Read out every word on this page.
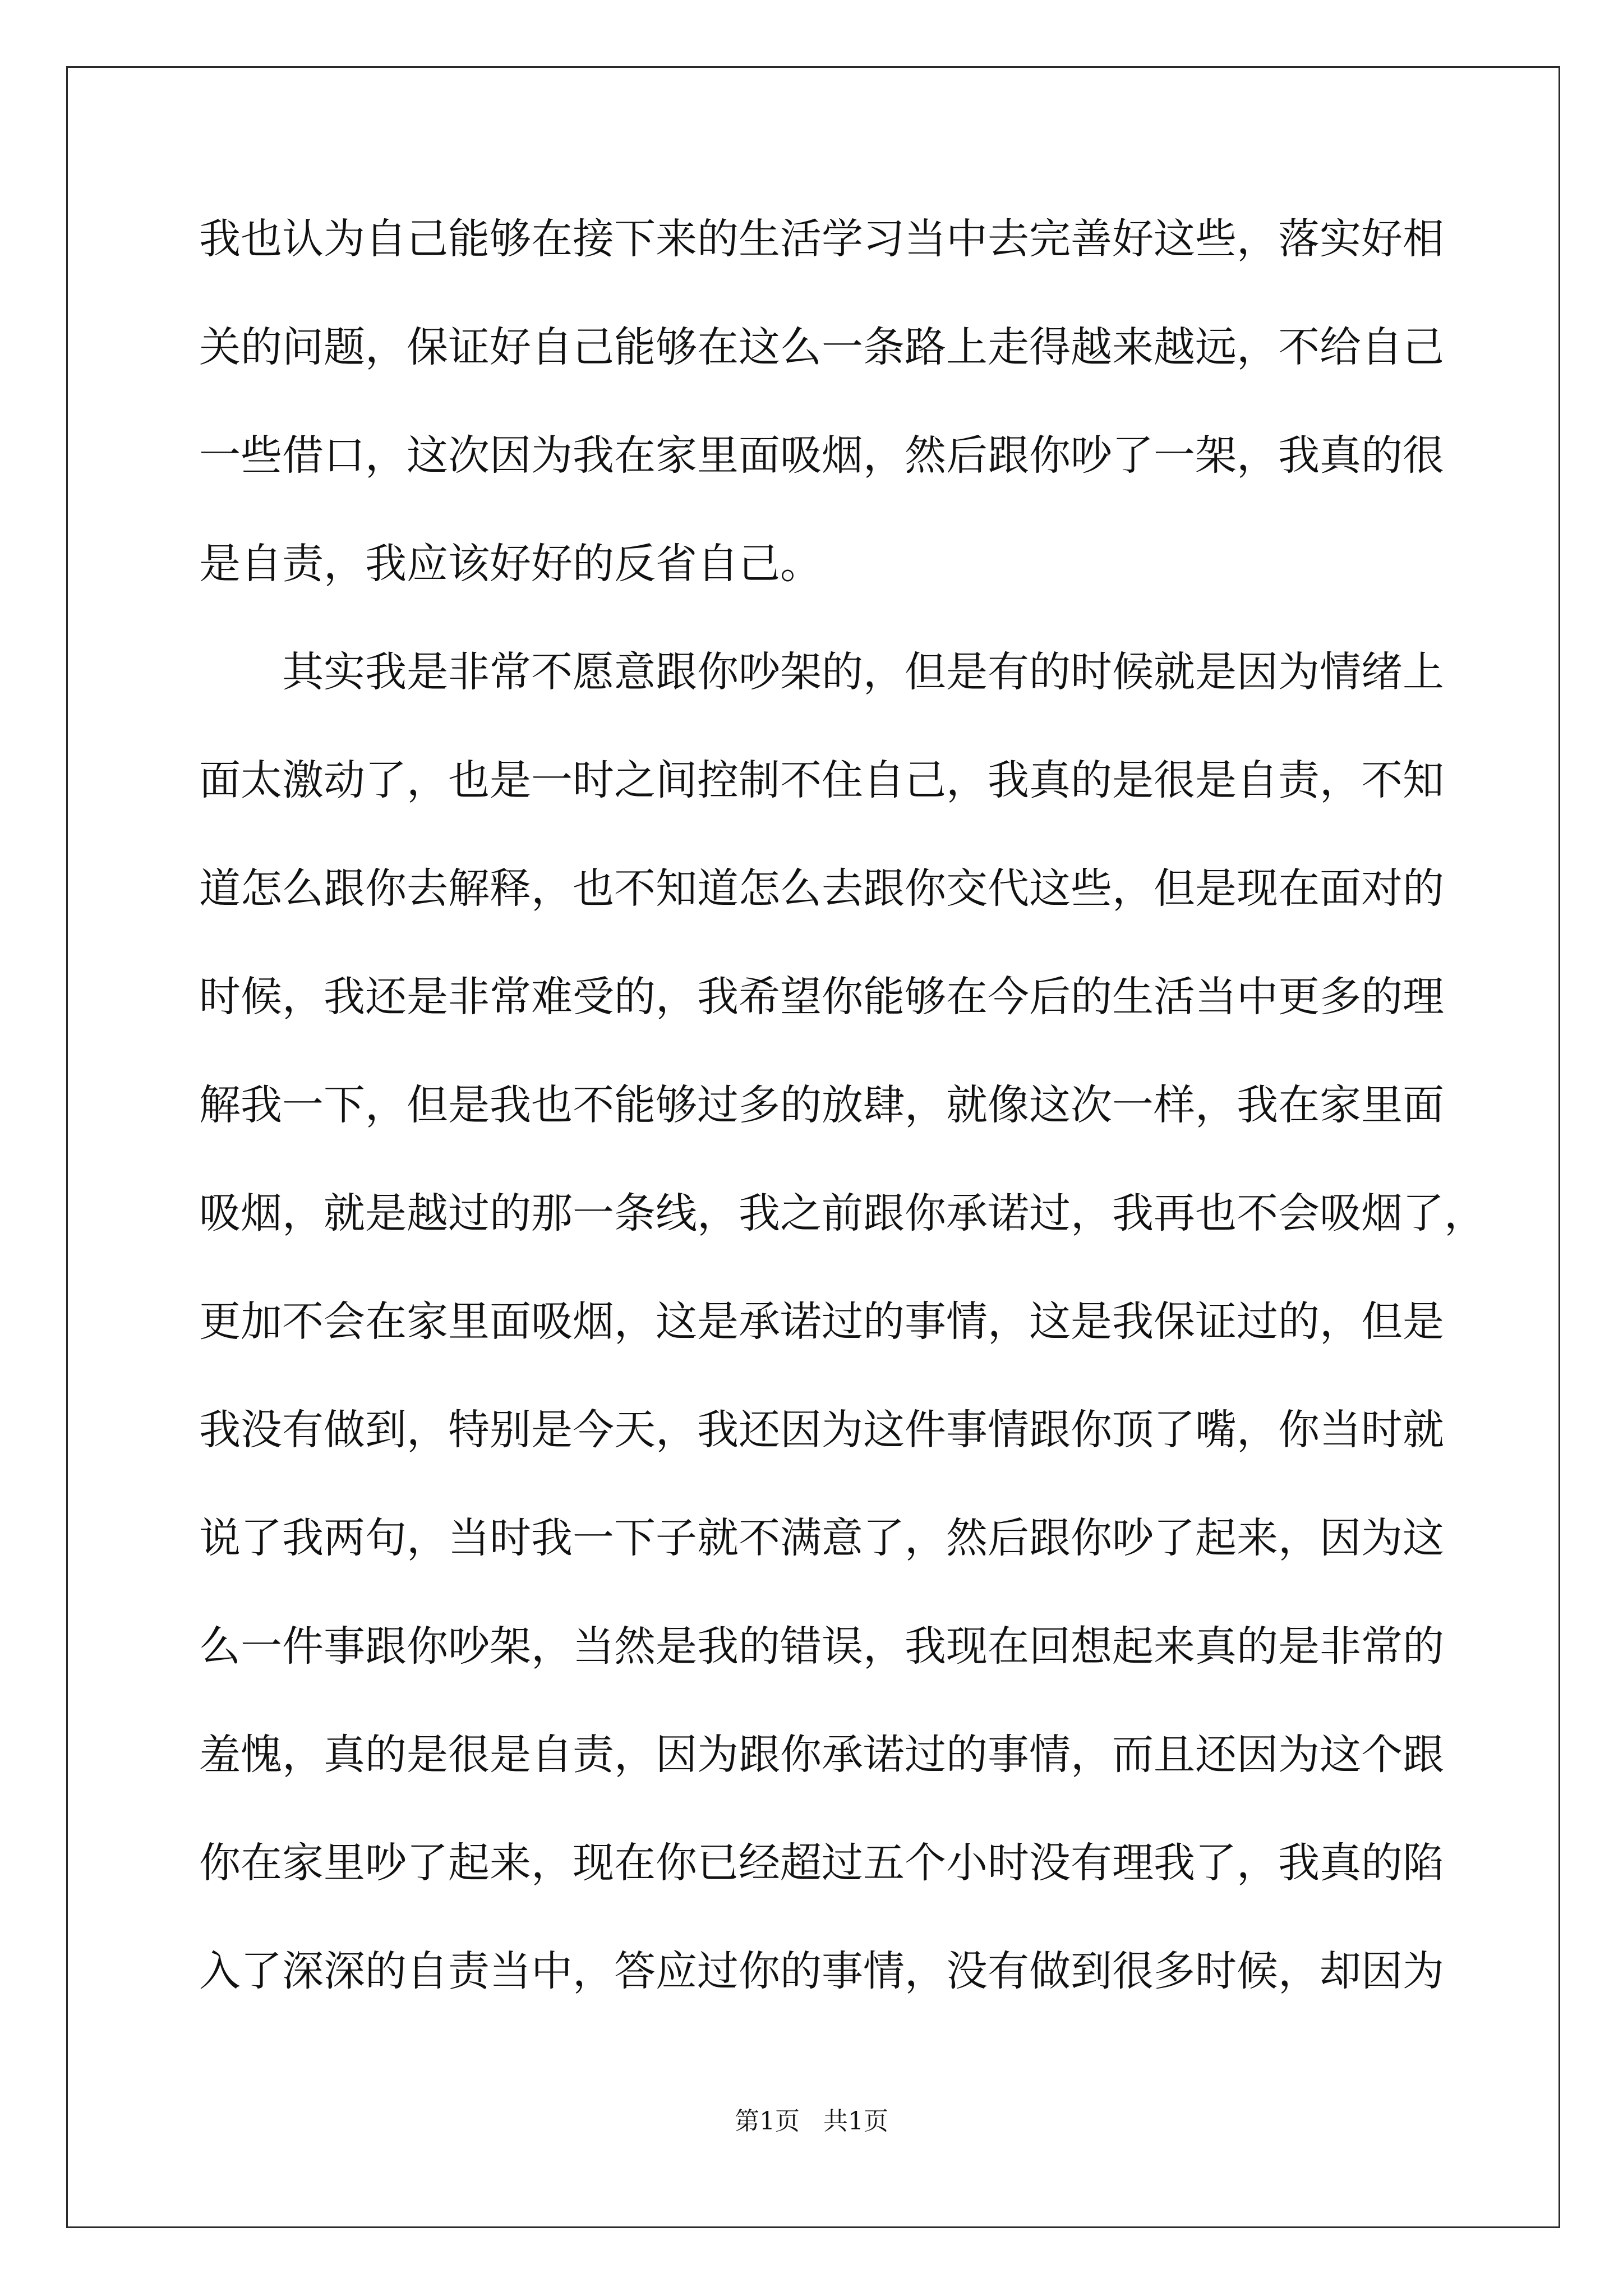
我也认为自己能够在接下来的生活学习当中去完善好这些，落实好相
关的问题，保证好自己能够在这么一条路上走得越来越远，不给自己
一些借口，这次因为我在家里面吸烟，然后跟你吵了一架，我真的很
是自责，我应该好好的反省自己。
其实我是非常不愿意跟你吵架的，但是有的时候就是因为情绪上
面太激动了，也是一时之间控制不住自己，我真的是很是自责，不知
道怎么跟你去解释，也不知道怎么去跟你交代这些，但是现在面对的
时候，我还是非常难受的，我希望你能够在今后的生活当中更多的理
解我一下，但是我也不能够过多的放肆，就像这次一样，我在家里面
吸烟，就是越过的那一条线，我之前跟你承诺过，我再也不会吸烟了，
更加不会在家里面吸烟，这是承诺过的事情，这是我保证过的，但是
我没有做到，特别是今天，我还因为这件事情跟你顶了嘴，你当时就
说了我两句，当时我一下子就不满意了，然后跟你吵了起来，因为这
么一件事跟你吵架，当然是我的错误，我现在回想起来真的是非常的
羞愧，真的是很是自责，因为跟你承诺过的事情，而且还因为这个跟
你在家里吵了起来，现在你已经超过五个小时没有理我了，我真的陷
入了深深的自责当中，答应过你的事情，没有做到很多时候，却因为
第1页   共1页
